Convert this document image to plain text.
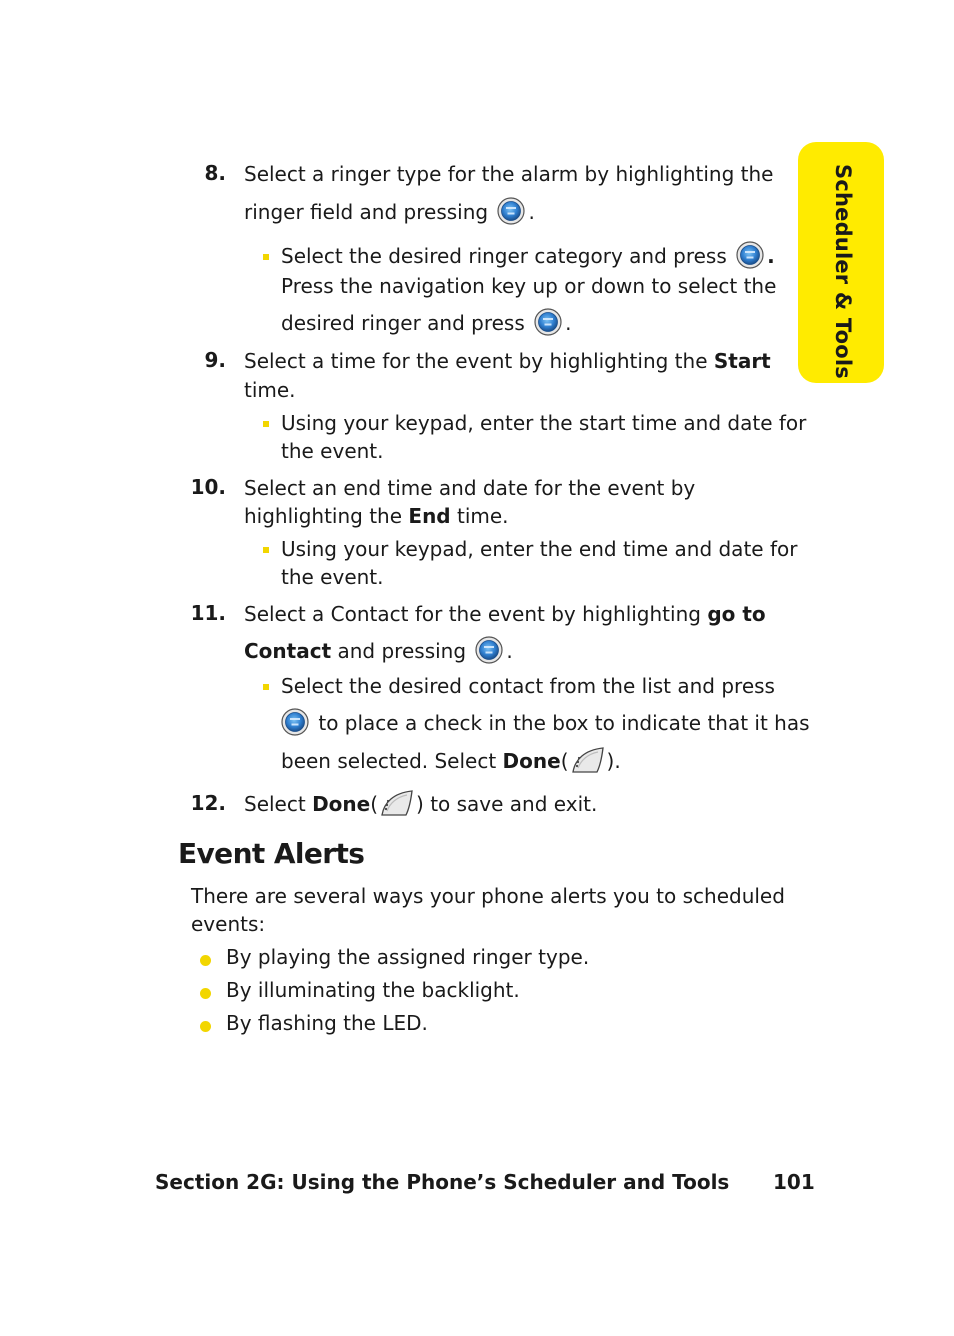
Scheduler & Tools
8. Select a ringer type for the alarm by highlighting the
ringer field and pressing .
Select the desired ringer category and press .
Press the navigation key up or down to select the
desired ringer and press .
9. Select a time for the event by highlighting the Start
time.
Using your keypad, enter the start time and date for
the event.
10. Select an end time and date for the event by
highlighting the End time.
Using your keypad, enter the end time and date for
the event.
11. Select a Contact for the event by highlighting go to
Contact and pressing .
Select the desired contact from the list and press
to place a check in the box to indicate that it has
been selected. Select Done( ).
12. Select Done( ) to save and exit.
Event Alerts
There are several ways your phone alerts you to scheduled
events:
By playing the assigned ringer type.
By illuminating the backlight.
By flashing the LED.
Section 2G: Using the Phone’s Scheduler and Tools 101
